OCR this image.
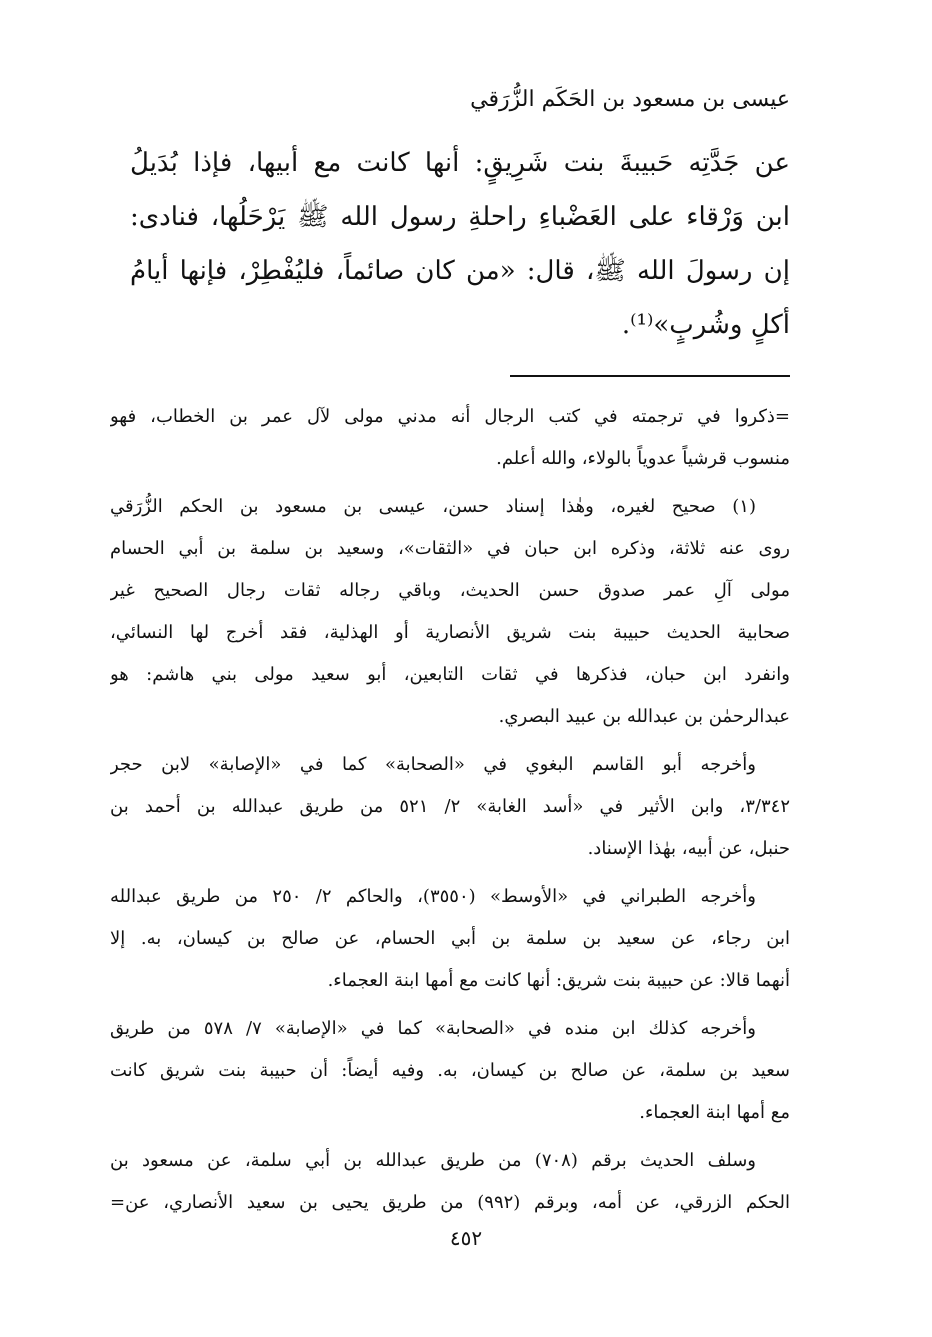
عيسى بن مسعود بن الحَكَم الزُّرَقي
عن جَدَّتِه حَبيبةَ بنت شَرِيقٍ: أنها كانت مع أبيها، فإذا بُدَيلُ
ابن وَرْقاء على العَضْباءِ راحلةِ رسول الله ﷺ يَرْحَلُها، فنادى:
إن رسولَ الله ﷺ، قال: «من كان صائماً، فليُفْطِرْ، فإنها أيامُ
أكلٍ وشُربٍ»⁽¹⁾.
=ذكروا في ترجمته في كتب الرجال أنه مدني مولى لآل عمر بن الخطاب، فهو
منسوب قرشياً عدوياً بالولاء، والله أعلم.
(١) صحيح لغيره، وهٰذا إسناد حسن، عيسى بن مسعود بن الحكم الزُّرَقي
روى عنه ثلاثة، وذكره ابن حبان في «الثقات»، وسعيد بن سلمة بن أبي الحسام
مولى آلِ عمر صدوق حسن الحديث، وباقي رجاله ثقات رجال الصحيح غير
صحابية الحديث حبيبة بنت شريق الأنصارية أو الهذلية، فقد أخرج لها النسائي،
وانفرد ابن حبان، فذكرها في ثقات التابعين، أبو سعيد مولى بني هاشم: هو
عبدالرحمٰن بن عبدالله بن عبيد البصري.
وأخرجه أبو القاسم البغوي في «الصحابة» كما في «الإصابة» لابن حجر
٣/٣٤٢، وابن الأثير في «أسد الغابة» ٢/ ٥٢١ من طريق عبدالله بن أحمد بن
حنبل، عن أبيه، بهٰذا الإسناد.
وأخرجه الطبراني في «الأوسط» (٣٥٥٠)، والحاكم ٢/ ٢٥٠ من طريق عبدالله
ابن رجاء، عن سعيد بن سلمة بن أبي الحسام، عن صالح بن كيسان، به. إلا
أنهما قالا: عن حبيبة بنت شريق: أنها كانت مع أمها ابنة العجماء.
وأخرجه كذلك ابن منده في «الصحابة» كما في «الإصابة» ٧/ ٥٧٨ من طريق
سعيد بن سلمة، عن صالح بن كيسان، به. وفيه أيضاً: أن حبيبة بنت شريق كانت
مع أمها ابنة العجماء.
وسلف الحديث برقم (٧٠٨) من طريق عبدالله بن أبي سلمة، عن مسعود بن
الحكم الزرقي، عن أمه، وبرقم (٩٩٢) من طريق يحيى بن سعيد الأنصاري، عن=
٤٥٢
